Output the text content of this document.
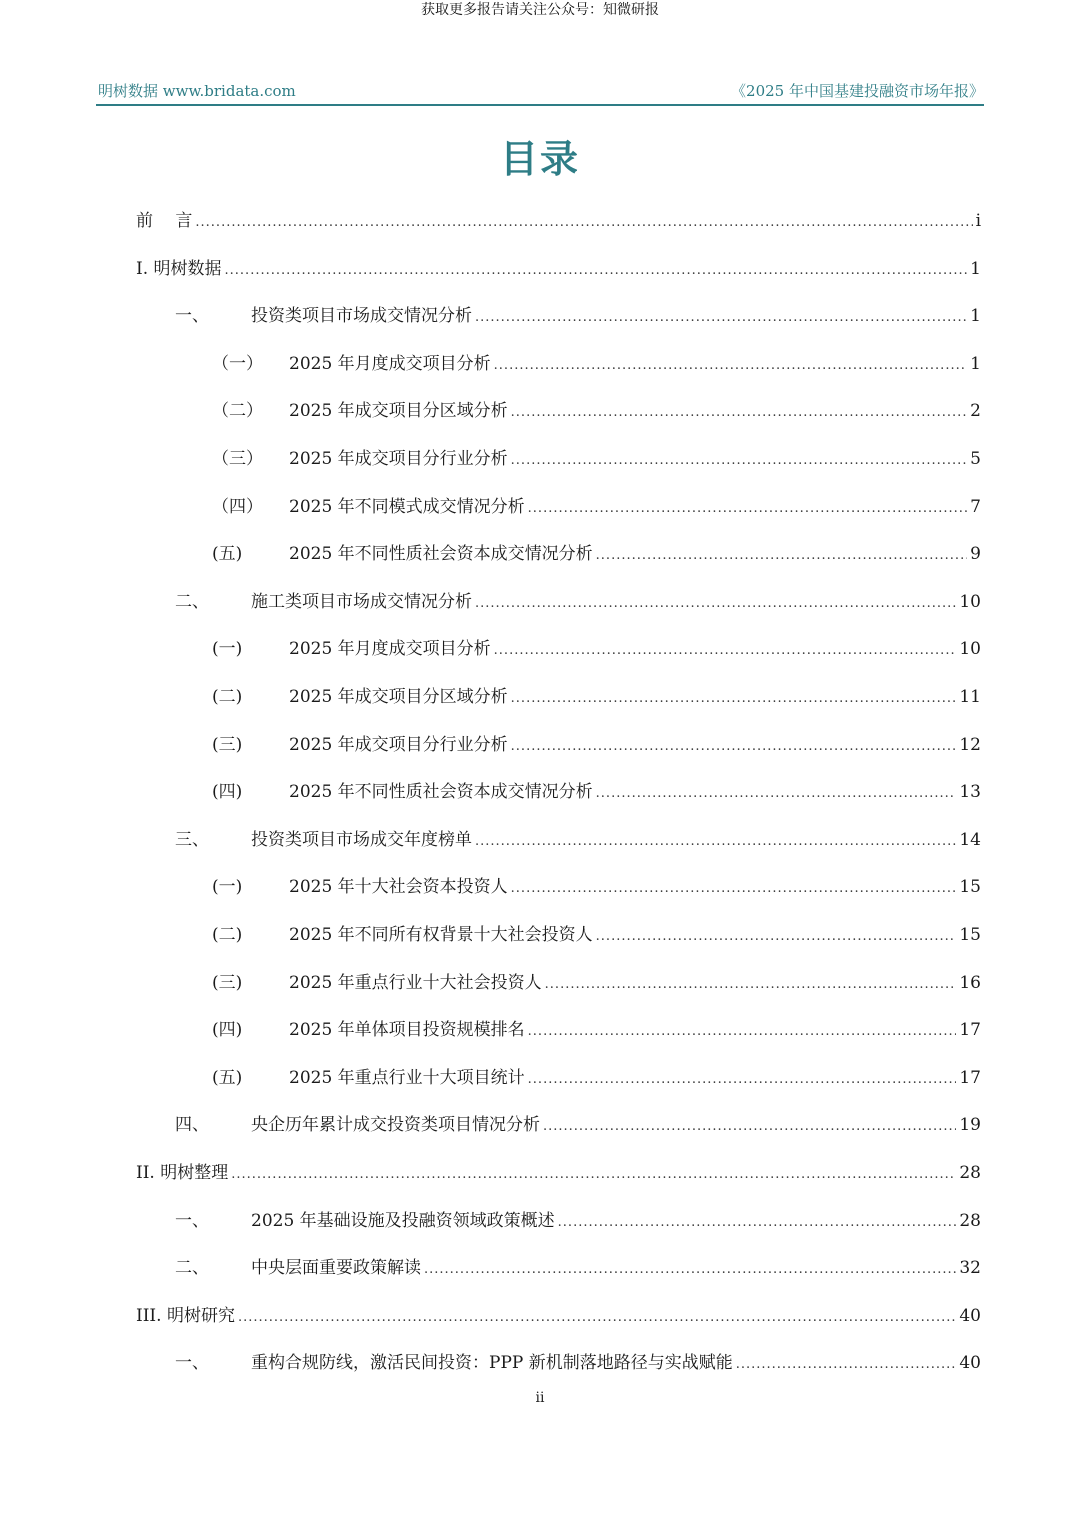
获取更多报告请关注公众号：知微研报
明树数据 www.bridata.com	《2025 年中国基建投融资市场年报》
目录
前　 言 .....	i
I. 明树数据 .....	1
一、	投资类项目市场成交情况分析 .....	1
（一）	2025 年月度成交项目分析 .....	1
（二）	2025 年成交项目分区域分析 .....	2
（三）	2025 年成交项目分行业分析 .....	5
（四）	2025 年不同模式成交情况分析 .....	7
(五)	2025 年不同性质社会资本成交情况分析 .....	9
二、	施工类项目市场成交情况分析 .....	10
(一)	2025 年月度成交项目分析 .....	10
(二)	2025 年成交项目分区域分析 .....	11
(三)	2025 年成交项目分行业分析 .....	12
(四)	2025 年不同性质社会资本成交情况分析 .....	13
三、	投资类项目市场成交年度榜单 .....	14
(一)	2025 年十大社会资本投资人 .....	15
(二)	2025 年不同所有权背景十大社会投资人 .....	15
(三)	2025 年重点行业十大社会投资人 .....	16
(四)	2025 年单体项目投资规模排名 .....	17
(五)	2025 年重点行业十大项目统计 .....	17
四、	央企历年累计成交投资类项目情况分析 .....	19
II. 明树整理 .....	28
一、	2025 年基础设施及投融资领域政策概述 .....	28
二、	中央层面重要政策解读 .....	32
III. 明树研究 .....	40
一、	重构合规防线，激活民间投资：PPP 新机制落地路径与实战赋能 .....	40
ii
